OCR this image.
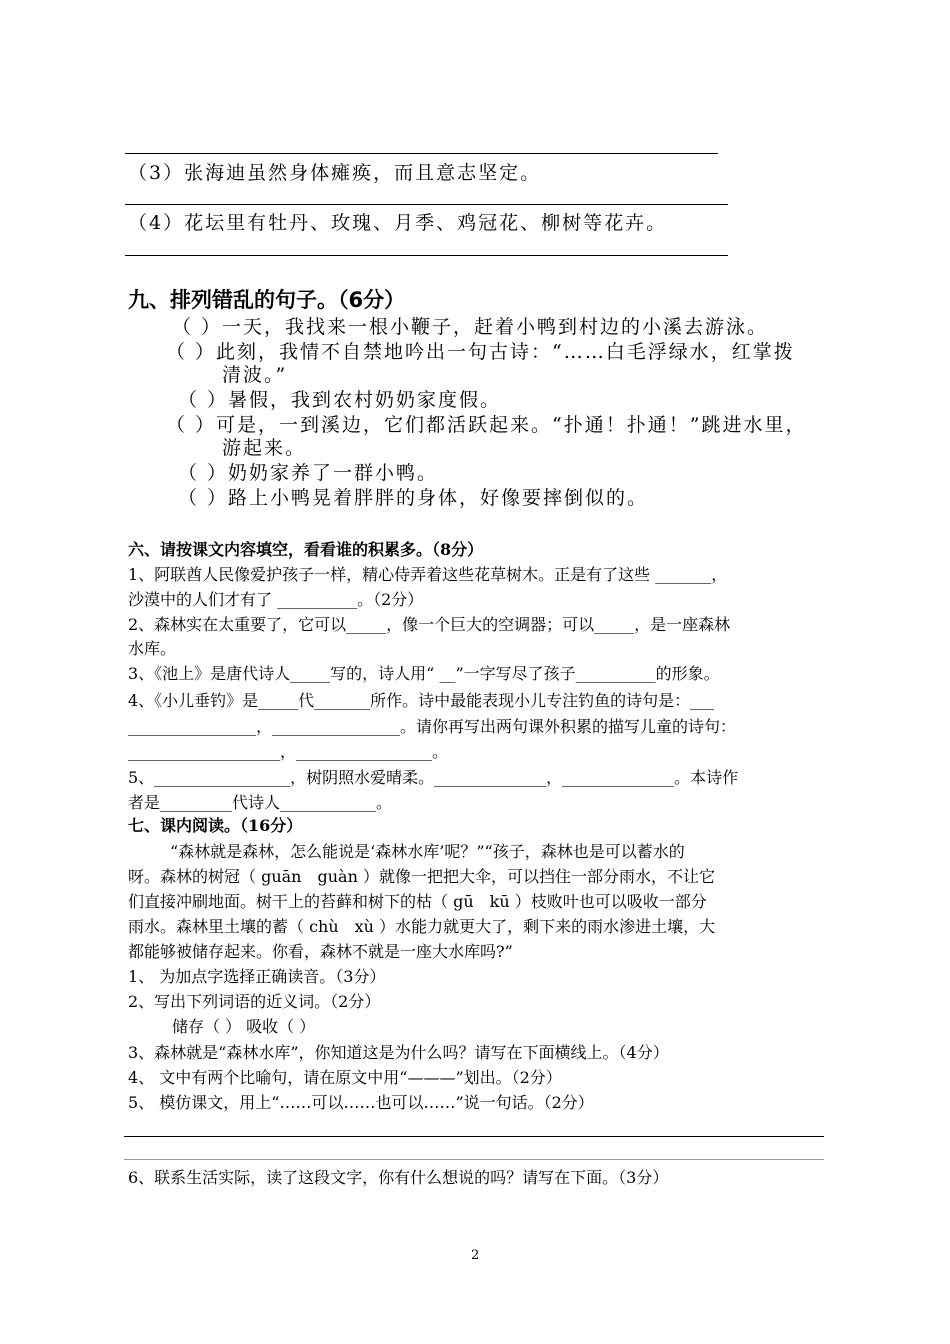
（3）张海迪虽然身体瘫痪，而且意志坚定。
（4）花坛里有牡丹、玫瑰、月季、鸡冠花、柳树等花卉。
九、排列错乱的句子。（6分）
（ ）一天，我找来一根小鞭子，赶着小鸭到村边的小溪去游泳。
（ ）此刻，我情不自禁地吟出一句古诗：“……白毛浮绿水，红掌拨
清波。”
（ ）暑假，我到农村奶奶家度假。
（ ）可是，一到溪边，它们都活跃起来。“扑通！扑通！”跳进水里，
游起来。
（ ）奶奶家养了一群小鸭。
（ ）路上小鸭晃着胖胖的身体，好像要摔倒似的。
六、请按课文内容填空，看看谁的积累多。（8分）
1、阿联酋人民像爱护孩子一样，精心侍弄着这些花草树木。正是有了这些 _______，
沙漠中的人们才有了 __________。（2分）
2、森林实在太重要了，它可以_____，像一个巨大的空调器；可以_____，是一座森林
水库。
3、《池上》是唐代诗人_____写的，诗人用“ __”一字写尽了孩子__________的形象。
4、《小儿垂钓》是_____代_______所作。诗中最能表现小儿专注钓鱼的诗句是：___
________________，________________。请你再写出两句课外积累的描写儿童的诗句：
___________________，_________________。
5、_________________，树阴照水爱晴柔。______________，______________。本诗作
者是_________代诗人____________。
七、课内阅读。（16分）
“森林就是森林，怎么能说是‘森林水库’呢？”“孩子，森林也是可以蓄水的
呀。森林的树冠（ guān　guàn ）就像一把把大伞，可以挡住一部分雨水，不让它
们直接冲刷地面。树干上的苔藓和树下的枯（ gū　kū ）枝败叶也可以吸收一部分
雨水。森林里土壤的蓄（ chù　xù ）水能力就更大了，剩下来的雨水渗进土壤，大
都能够被储存起来。你看，森林不就是一座大水库吗?”
1、 为加点字选择正确读音。（3分）
2、写出下列词语的近义词。（2分）
储存（ ） 吸收（ ）
3、森林就是“森林水库”，你知道这是为什么吗？请写在下面横线上。（4分）
4、 文中有两个比喻句，请在原文中用“———”划出。（2分）
5、 模仿课文，用上“……可以……也可以……”说一句话。（2分）
6、联系生活实际，读了这段文字，你有什么想说的吗？请写在下面。（3分）
2
